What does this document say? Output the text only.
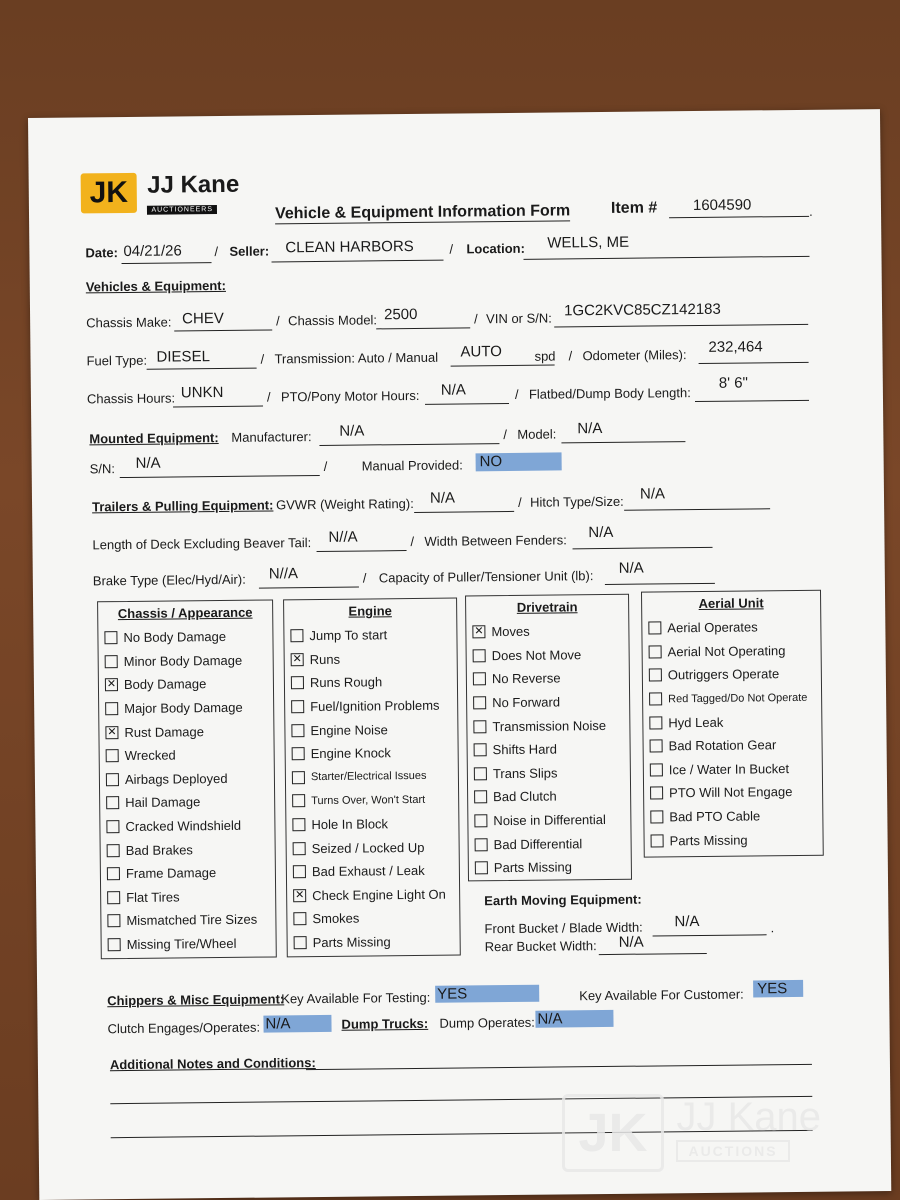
JK JJ Kane
AUCTIONEERS	Vehicle & Equipment Information Form	Item # 1604590	.
Date: 04/21/26 / Seller: CLEAN HARBORS	/ Location: WELLS, ME
Vehicles & Equipment:
Chassis Make: CHEV	/ Chassis Model: 2500	/ VIN or S/N: 1GC2KVC85CZ142183
Fuel Type: DIESEL	/ Transmission: Auto / Manual AUTO spd / Odometer (Miles): 232,464
Chassis Hours: UNKN	/ PTO/Pony Motor Hours: N/A	/ Flatbed/Dump Body Length:
8' 6"
Mounted Equipment: Manufacturer: N/A	/ Model: N/A
S/N: N/A	/	Manual Provided: NO
Trailers & Pulling Equipment: GVWR (Weight Rating): N/A	/ Hitch Type/Size: N/A
Length of Deck Excluding Beaver Tail: N//A	/ Width Between Fenders: N/A
Brake Type (Elec/Hyd/Air): N//A	/ Capacity of Puller/Tensioner Unit (lb): N/A
Chassis / Appearance
No Body Damage
Minor Body Damage
✕ Body Damage
Major Body Damage
✕ Rust Damage
Wrecked
Airbags Deployed
Hail Damage
Cracked Windshield
Bad Brakes
Frame Damage
Flat Tires
Mismatched Tire Sizes
Missing Tire/Wheel
Engine
Jump To start
✕ Runs
Runs Rough
Fuel/Ignition Problems
Engine Noise
Engine Knock
Starter/Electrical Issues
Turns Over, Won't Start
Hole In Block
Seized / Locked Up
Bad Exhaust / Leak
✕ Check Engine Light On
Smokes
Parts Missing
Drivetrain
✕ Moves
Does Not Move
No Reverse
No Forward
Transmission Noise
Shifts Hard
Trans Slips
Bad Clutch
Noise in Differential
Bad Differential
Parts Missing
Aerial Unit
Aerial Operates
Aerial Not Operating
Outriggers Operate
Red Tagged/Do Not Operate
Hyd Leak
Bad Rotation Gear
Ice / Water In Bucket
PTO Will Not Engage
Bad PTO Cable
Parts Missing
Earth Moving Equipment:
Front Bucket / Blade Width: N/A	.
Rear Bucket Width: N/A
Chippers & Misc Equipment:
Key Available For Testing: YES	Key Available For Customer: YES
Clutch Engages/Operates: N/A	Dump Trucks: Dump Operates: N/A
Additional Notes and Conditions:
JK JJ Kane
AUCTIONS
